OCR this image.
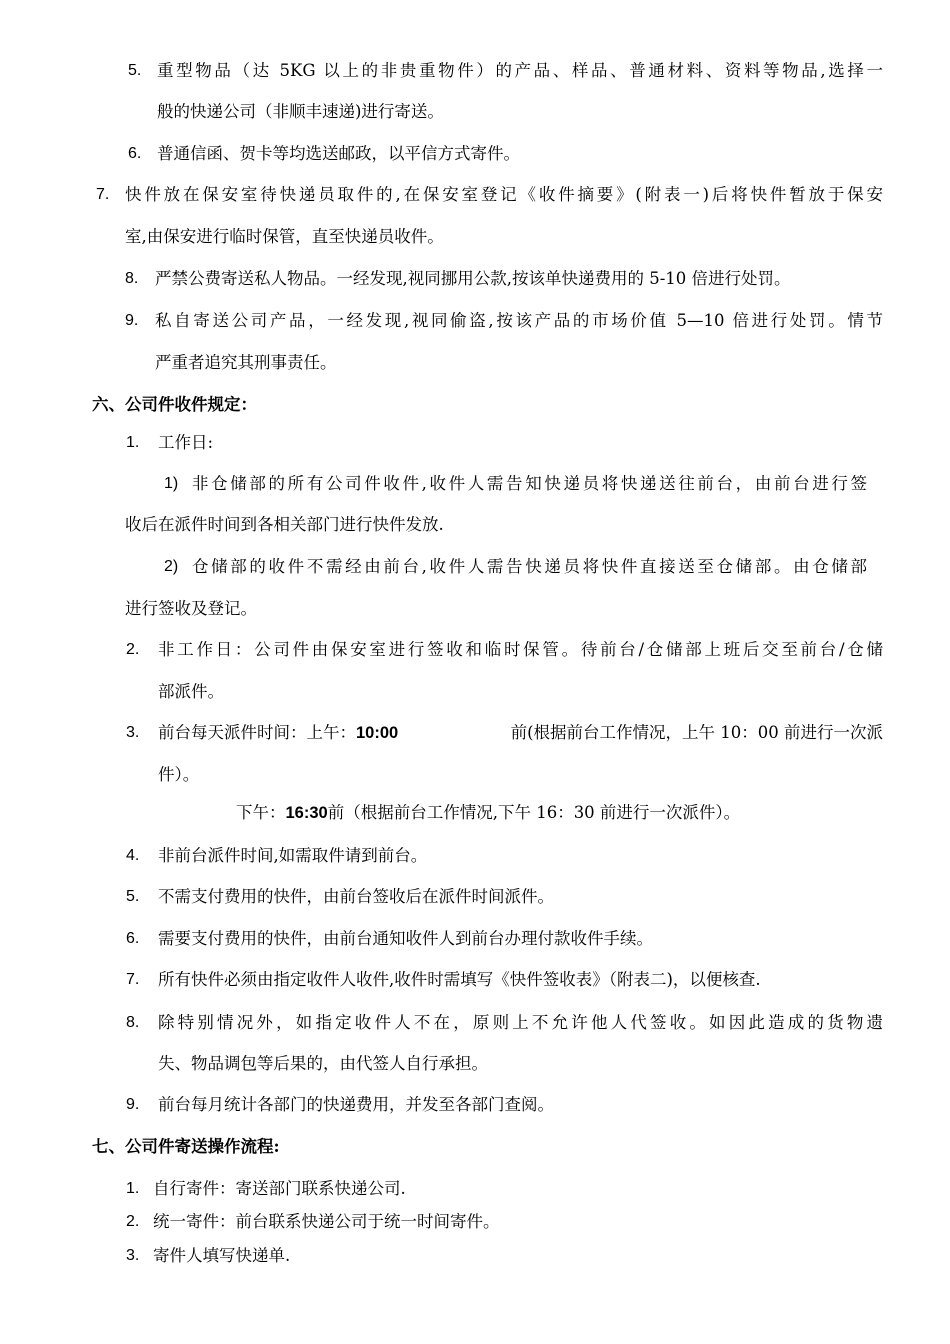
5. 重型物品（达 5KG 以上的非贵重物件）的产品、样品、普通材料、资料等物品,选择一
般的快递公司（非顺丰速递)进行寄送。
6. 普通信函、贺卡等均选送邮政，以平信方式寄件。
7. 快件放在保安室待快递员取件的,在保安室登记《收件摘要》(附表一)后将快件暂放于保安
室,由保安进行临时保管，直至快递员收件。
8. 严禁公费寄送私人物品。一经发现,视同挪用公款,按该单快递费用的 5-10 倍进行处罚。
9. 私自寄送公司产品，一经发现,视同偷盗,按该产品的市场价值 5—10 倍进行处罚。情节
严重者追究其刑事责任。
六、公司件收件规定：
1. 工作日:
1) 非仓储部的所有公司件收件,收件人需告知快递员将快递送往前台，由前台进行签
收后在派件时间到各相关部门进行快件发放.
2) 仓储部的收件不需经由前台,收件人需告快递员将快件直接送至仓储部。由仓储部
进行签收及登记。
2. 非工作日：公司件由保安室进行签收和临时保管。待前台/仓储部上班后交至前台/仓储
部派件。
3. 前台每天派件时间：上午：10:00	前(根据前台工作情况，上午 10：00 前进行一次派
件）。
下午：16:30前（根据前台工作情况,下午 16：30 前进行一次派件）。
4. 非前台派件时间,如需取件请到前台。
5. 不需支付费用的快件，由前台签收后在派件时间派件。
6. 需要支付费用的快件，由前台通知收件人到前台办理付款收件手续。
7. 所有快件必须由指定收件人收件,收件时需填写《快件签收表》（附表二)，以便核查.
8. 除特别情况外，如指定收件人不在，原则上不允许他人代签收。如因此造成的货物遗
失、物品调包等后果的，由代签人自行承担。
9. 前台每月统计各部门的快递费用，并发至各部门查阅。
七、公司件寄送操作流程:
1. 自行寄件：寄送部门联系快递公司.
2. 统一寄件：前台联系快递公司于统一时间寄件。
3. 寄件人填写快递单.
